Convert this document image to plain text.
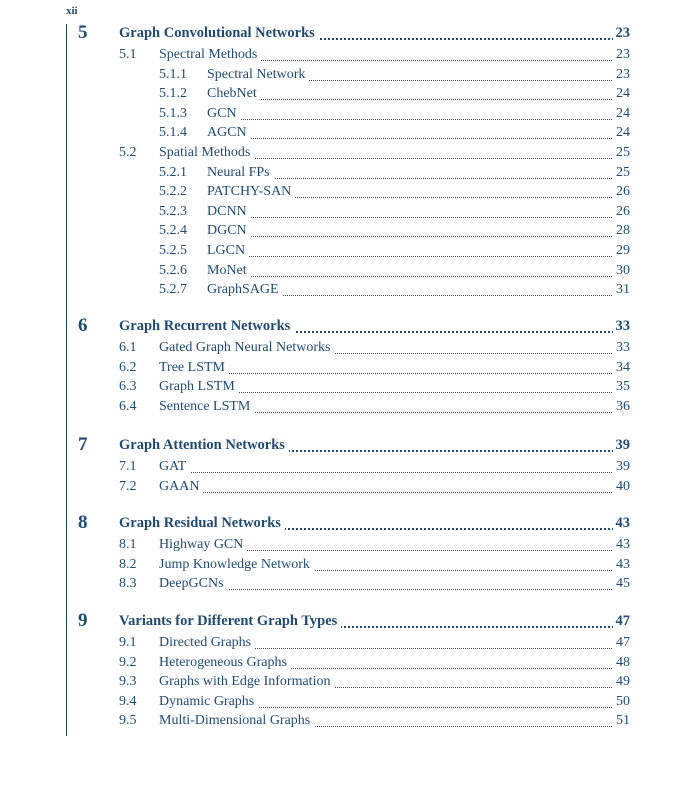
xii
5 Graph Convolutional Networks	23
5.1 Spectral Methods	23
5.1.1 Spectral Network	23
5.1.2 ChebNet	24
5.1.3 GCN	24
5.1.4 AGCN	24
5.2 Spatial Methods	25
5.2.1 Neural FPs	25
5.2.2 PATCHY-SAN	26
5.2.3 DCNN	26
5.2.4 DGCN	28
5.2.5 LGCN	29
5.2.6 MoNet	30
5.2.7 GraphSAGE	31
6 Graph Recurrent Networks	33
6.1 Gated Graph Neural Networks	33
6.2 Tree LSTM	34
6.3 Graph LSTM	35
6.4 Sentence LSTM	36
7 Graph Attention Networks	39
7.1 GAT	39
7.2 GAAN	40
8 Graph Residual Networks	43
8.1 Highway GCN	43
8.2 Jump Knowledge Network	43
8.3 DeepGCNs	45
9 Variants for Different Graph Types	47
9.1 Directed Graphs	47
9.2 Heterogeneous Graphs	48
9.3 Graphs with Edge Information	49
9.4 Dynamic Graphs	50
9.5 Multi-Dimensional Graphs	51
